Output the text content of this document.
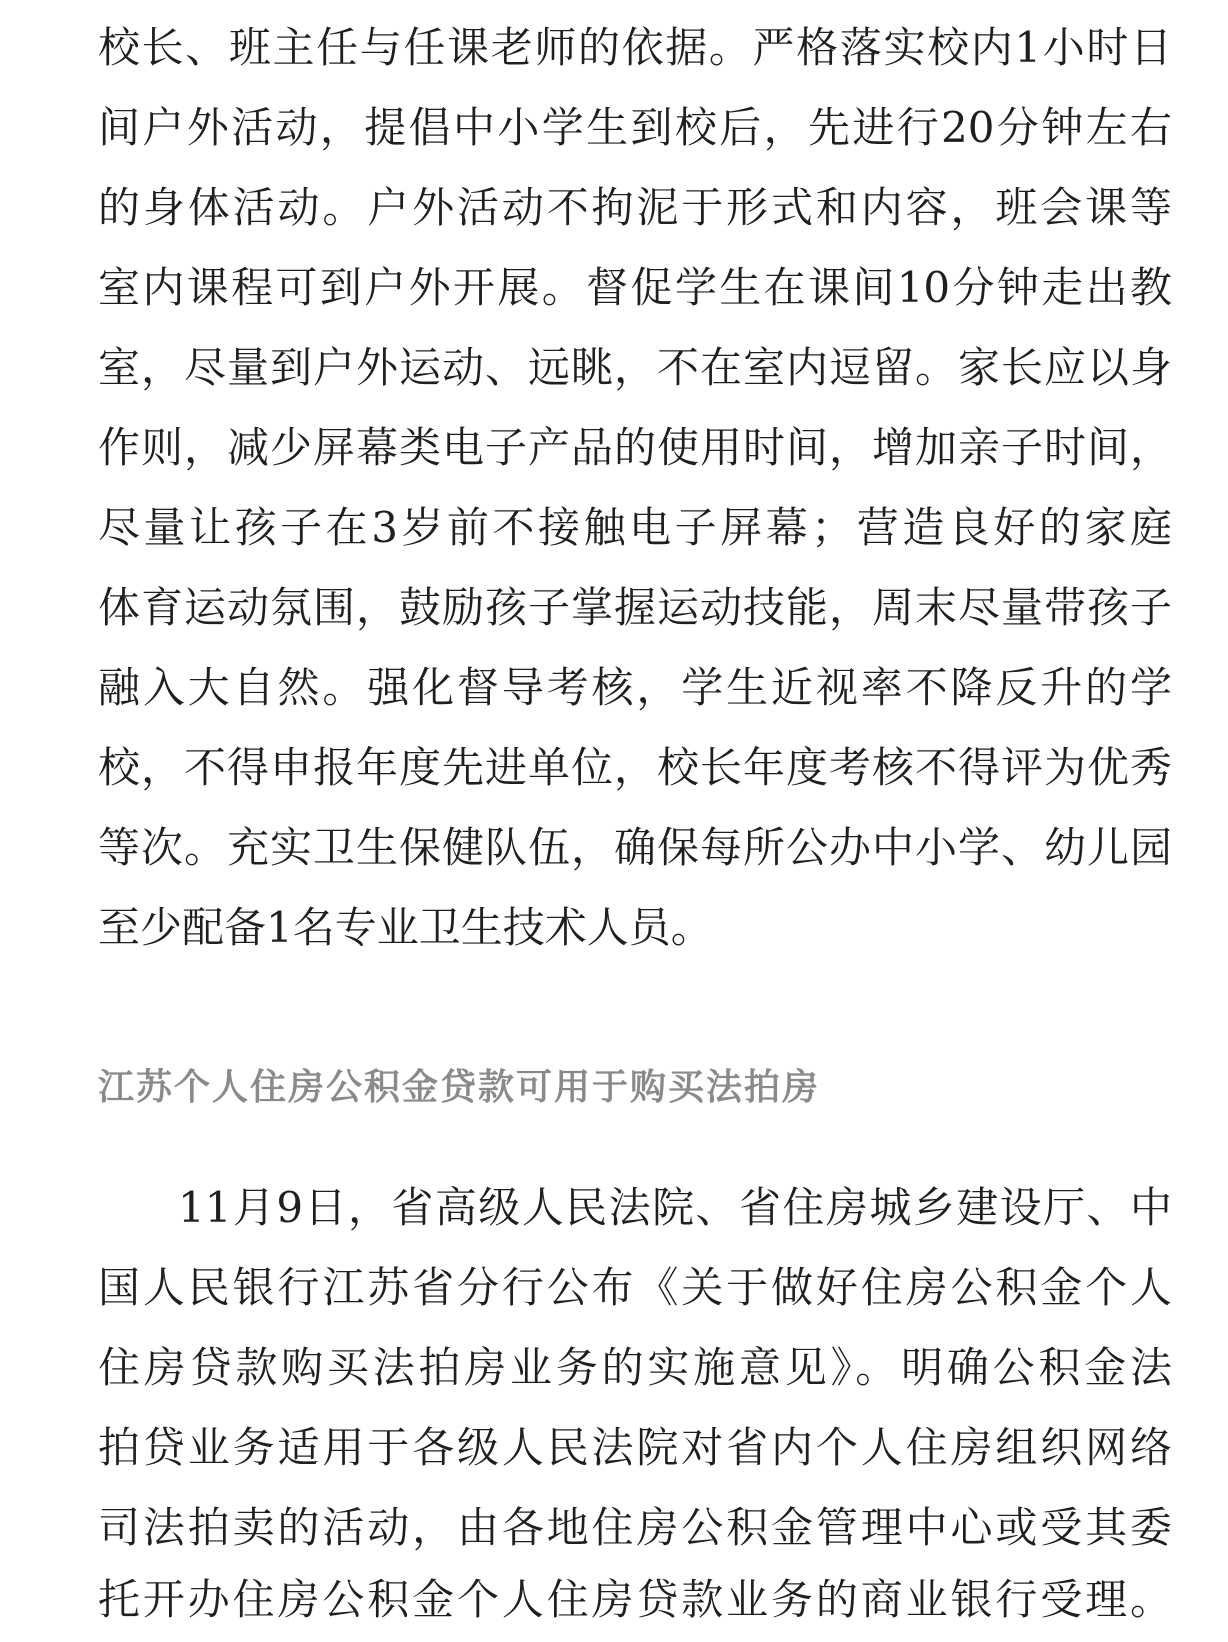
校长、班主任与任课老师的依据。严格落实校内1小时日
间户外活动，提倡中小学生到校后，先进行20分钟左右
的身体活动。户外活动不拘泥于形式和内容，班会课等
室内课程可到户外开展。督促学生在课间10分钟走出教
室，尽量到户外运动、远眺，不在室内逗留。家长应以身
作则，减少屏幕类电子产品的使用时间，增加亲子时间，
尽量让孩子在3岁前不接触电子屏幕；营造良好的家庭
体育运动氛围，鼓励孩子掌握运动技能，周末尽量带孩子
融入大自然。强化督导考核，学生近视率不降反升的学
校，不得申报年度先进单位，校长年度考核不得评为优秀
等次。充实卫生保健队伍，确保每所公办中小学、幼儿园
至少配备1名专业卫生技术人员。
江苏个人住房公积金贷款可用于购买法拍房
11月9日，省高级人民法院、省住房城乡建设厅、中
国人民银行江苏省分行公布《关于做好住房公积金个人
住房贷款购买法拍房业务的实施意见》。明确公积金法
拍贷业务适用于各级人民法院对省内个人住房组织网络
司法拍卖的活动，由各地住房公积金管理中心或受其委
托开办住房公积金个人住房贷款业务的商业银行受理。
